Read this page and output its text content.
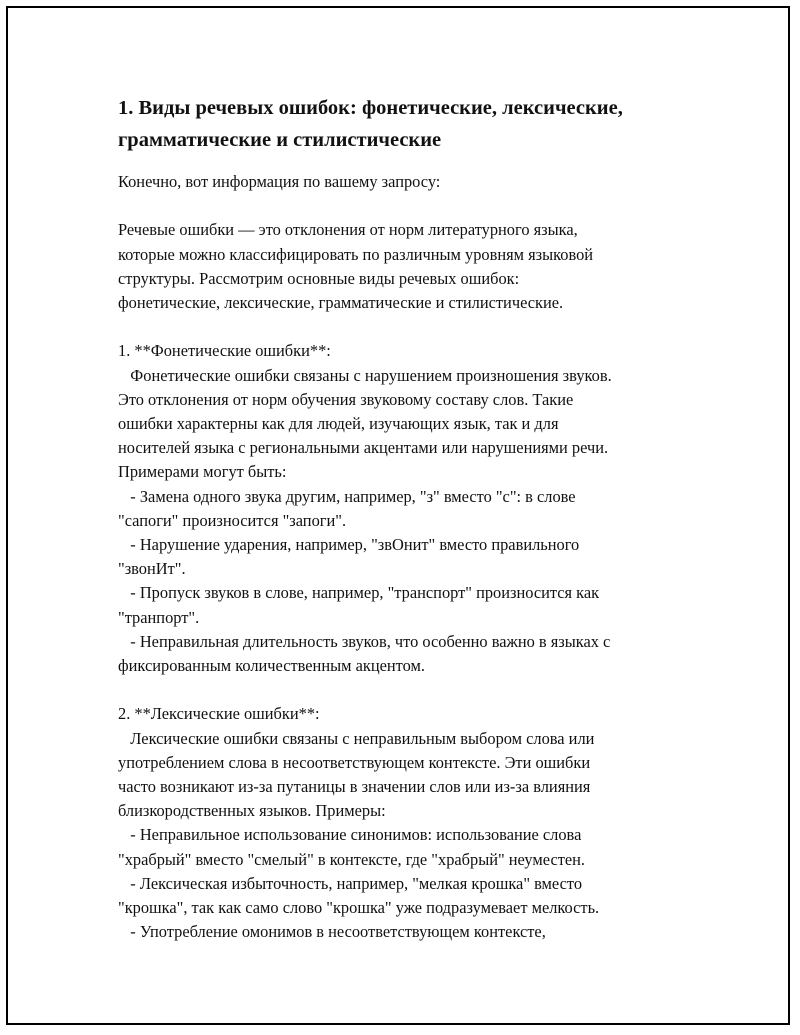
1. Виды речевых ошибок: фонетические, лексические,
грамматические и стилистические
Конечно, вот информация по вашему запросу:
Речевые ошибки — это отклонения от норм литературного языка,
которые можно классифицировать по различным уровням языковой
структуры. Рассмотрим основные виды речевых ошибок:
фонетические, лексические, грамматические и стилистические.
1. **Фонетические ошибки**:
Фонетические ошибки связаны с нарушением произношения звуков.
Это отклонения от норм обучения звуковому составу слов. Такие
ошибки характерны как для людей, изучающих язык, так и для
носителей языка с региональными акцентами или нарушениями речи.
Примерами могут быть:
- Замена одного звука другим, например, "з" вместо "с": в слове
"сапоги" произносится "запоги".
- Нарушение ударения, например, "звОнит" вместо правильного
"звонИт".
- Пропуск звуков в слове, например, "транспорт" произносится как
"транпорт".
- Неправильная длительность звуков, что особенно важно в языках с
фиксированным количественным акцентом.
2. **Лексические ошибки**:
Лексические ошибки связаны с неправильным выбором слова или
употреблением слова в несоответствующем контексте. Эти ошибки
часто возникают из-за путаницы в значении слов или из-за влияния
близкородственных языков. Примеры:
- Неправильное использование синонимов: использование слова
"храбрый" вместо "смелый" в контексте, где "храбрый" неуместен.
- Лексическая избыточность, например, "мелкая крошка" вместо
"крошка", так как само слово "крошка" уже подразумевает мелкость.
- Употребление омонимов в несоответствующем контексте,
